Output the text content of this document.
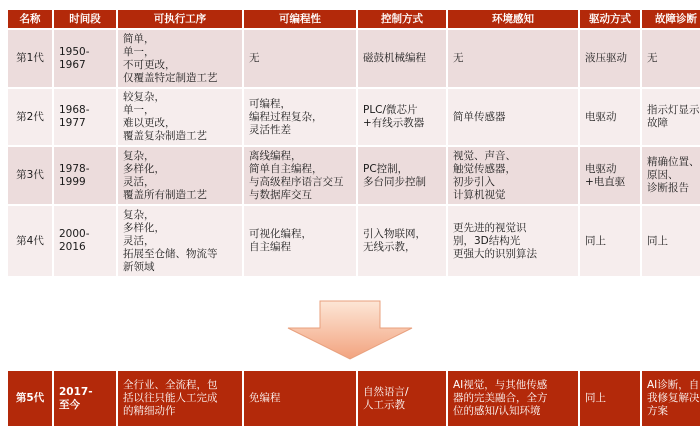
名称	时间段	可执行工序	可编程性	控制方式	环境感知	驱动方式	故障诊断
第1代	1950-
1967	简单，
单一，
不可更改，
仅覆盖特定制造工艺	无	磁鼓机械编程	无	液压驱动	无
第2代	1968-
1977	较复杂，
单一，
难以更改，
覆盖复杂制造工艺	可编程，
编程过程复杂，
灵活性差	PLC/微芯片
+有线示教器	简单传感器	电驱动	指示灯显示
故障
第3代	1978-
1999	复杂，
多样化，
灵活，
覆盖所有制造工艺	离线编程，
简单自主编程，
与高级程序语言交互
与数据库交互	PC控制，
多台同步控制	视觉、声音、
触觉传感器，
初步引入
计算机视觉	电驱动
+电直驱	精确位置、
原因、
诊断报告
第4代	2000-
2016	复杂，
多样化，
灵活，
拓展至仓储、物流等
新领域	可视化编程，
自主编程	引入物联网，
无线示教，	更先进的视觉识
别，3D结构光
更强大的识别算法	同上	同上
第5代	2017-
至今	全行业、全流程，包
括以往只能人工完成
的精细动作	免编程	自然语言/
人工示教	AI视觉，与其他传感
器的完美融合，全方
位的感知/认知环境	同上	AI诊断，自
我修复解决
方案
